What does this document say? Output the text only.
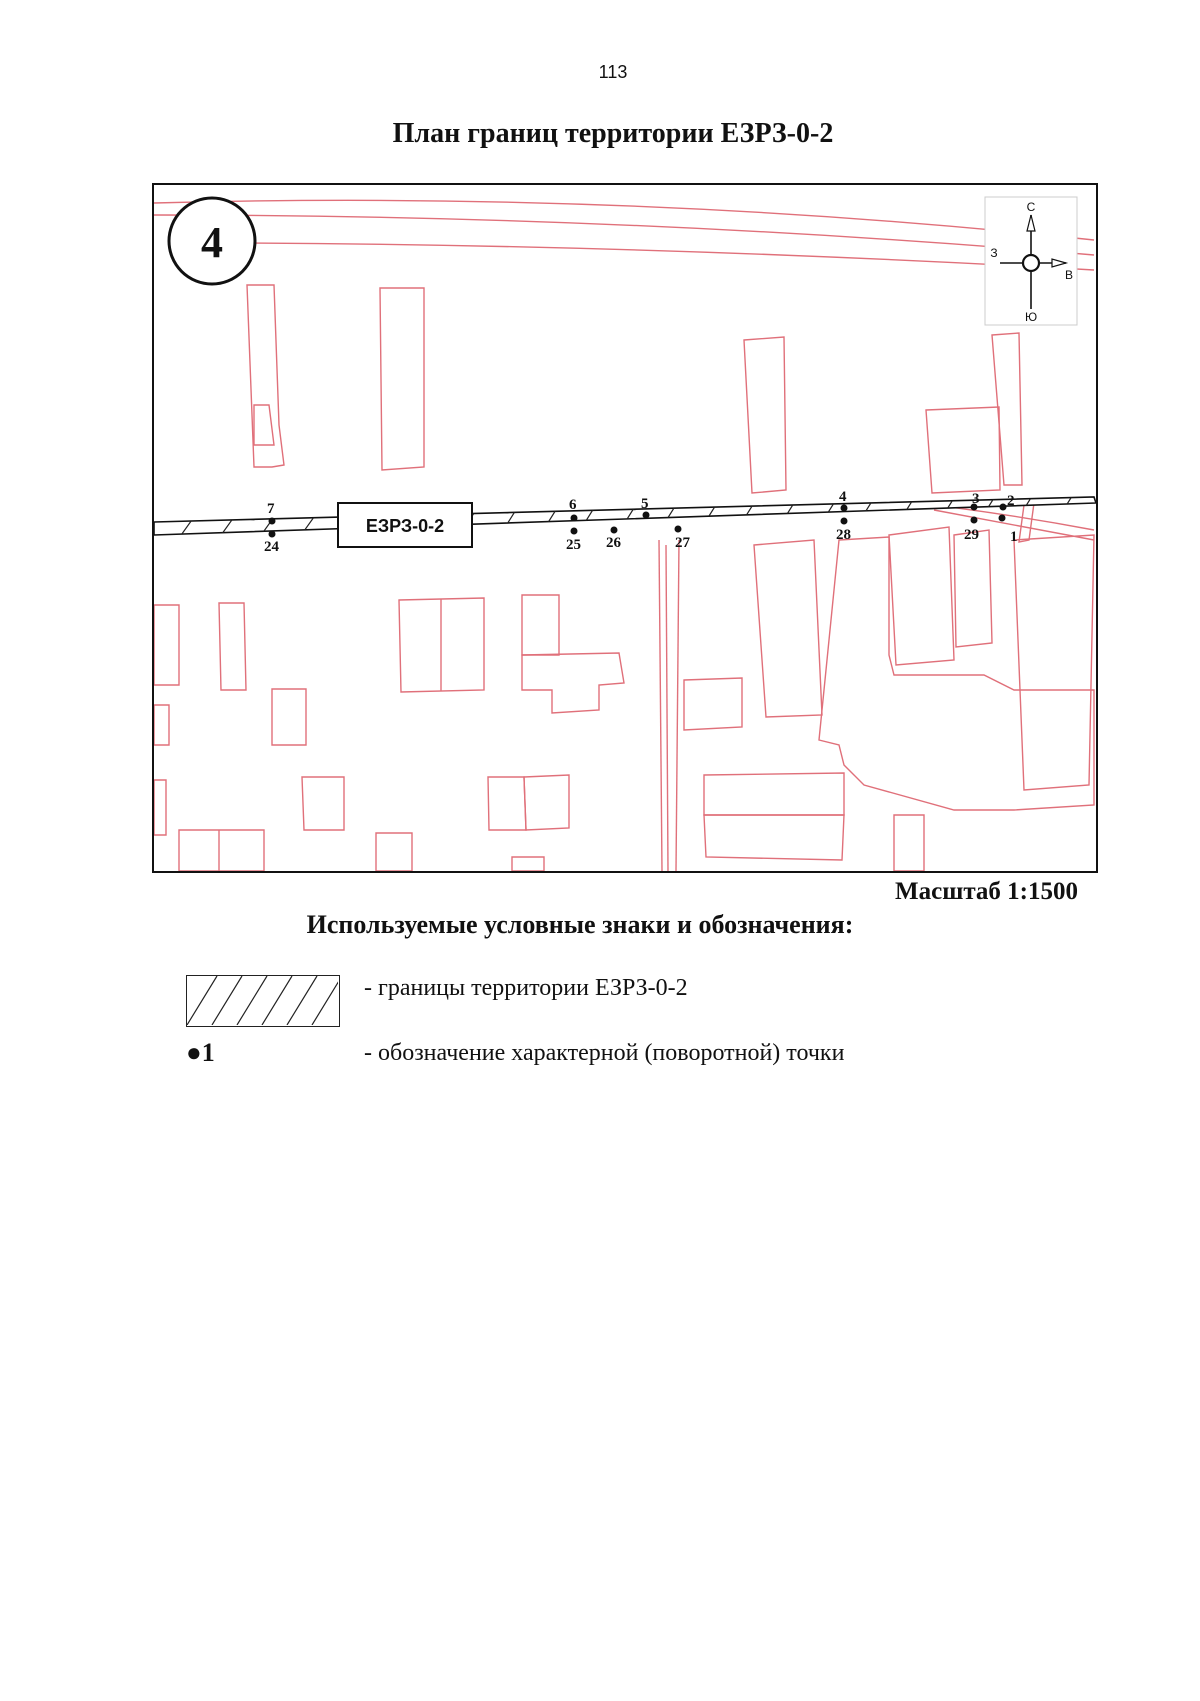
113
План границ территории ЕЗРЗ-0-2
ЕЗРЗ-0-2
4
С
Ю
З
В
1
2
3
4
5
6
7
24	25 26	27	28	29
Масштаб 1:1500
Используемые условные знаки и обозначения:
- границы территории ЕЗРЗ-0-2
●1	- обозначение характерной (поворотной) точки
